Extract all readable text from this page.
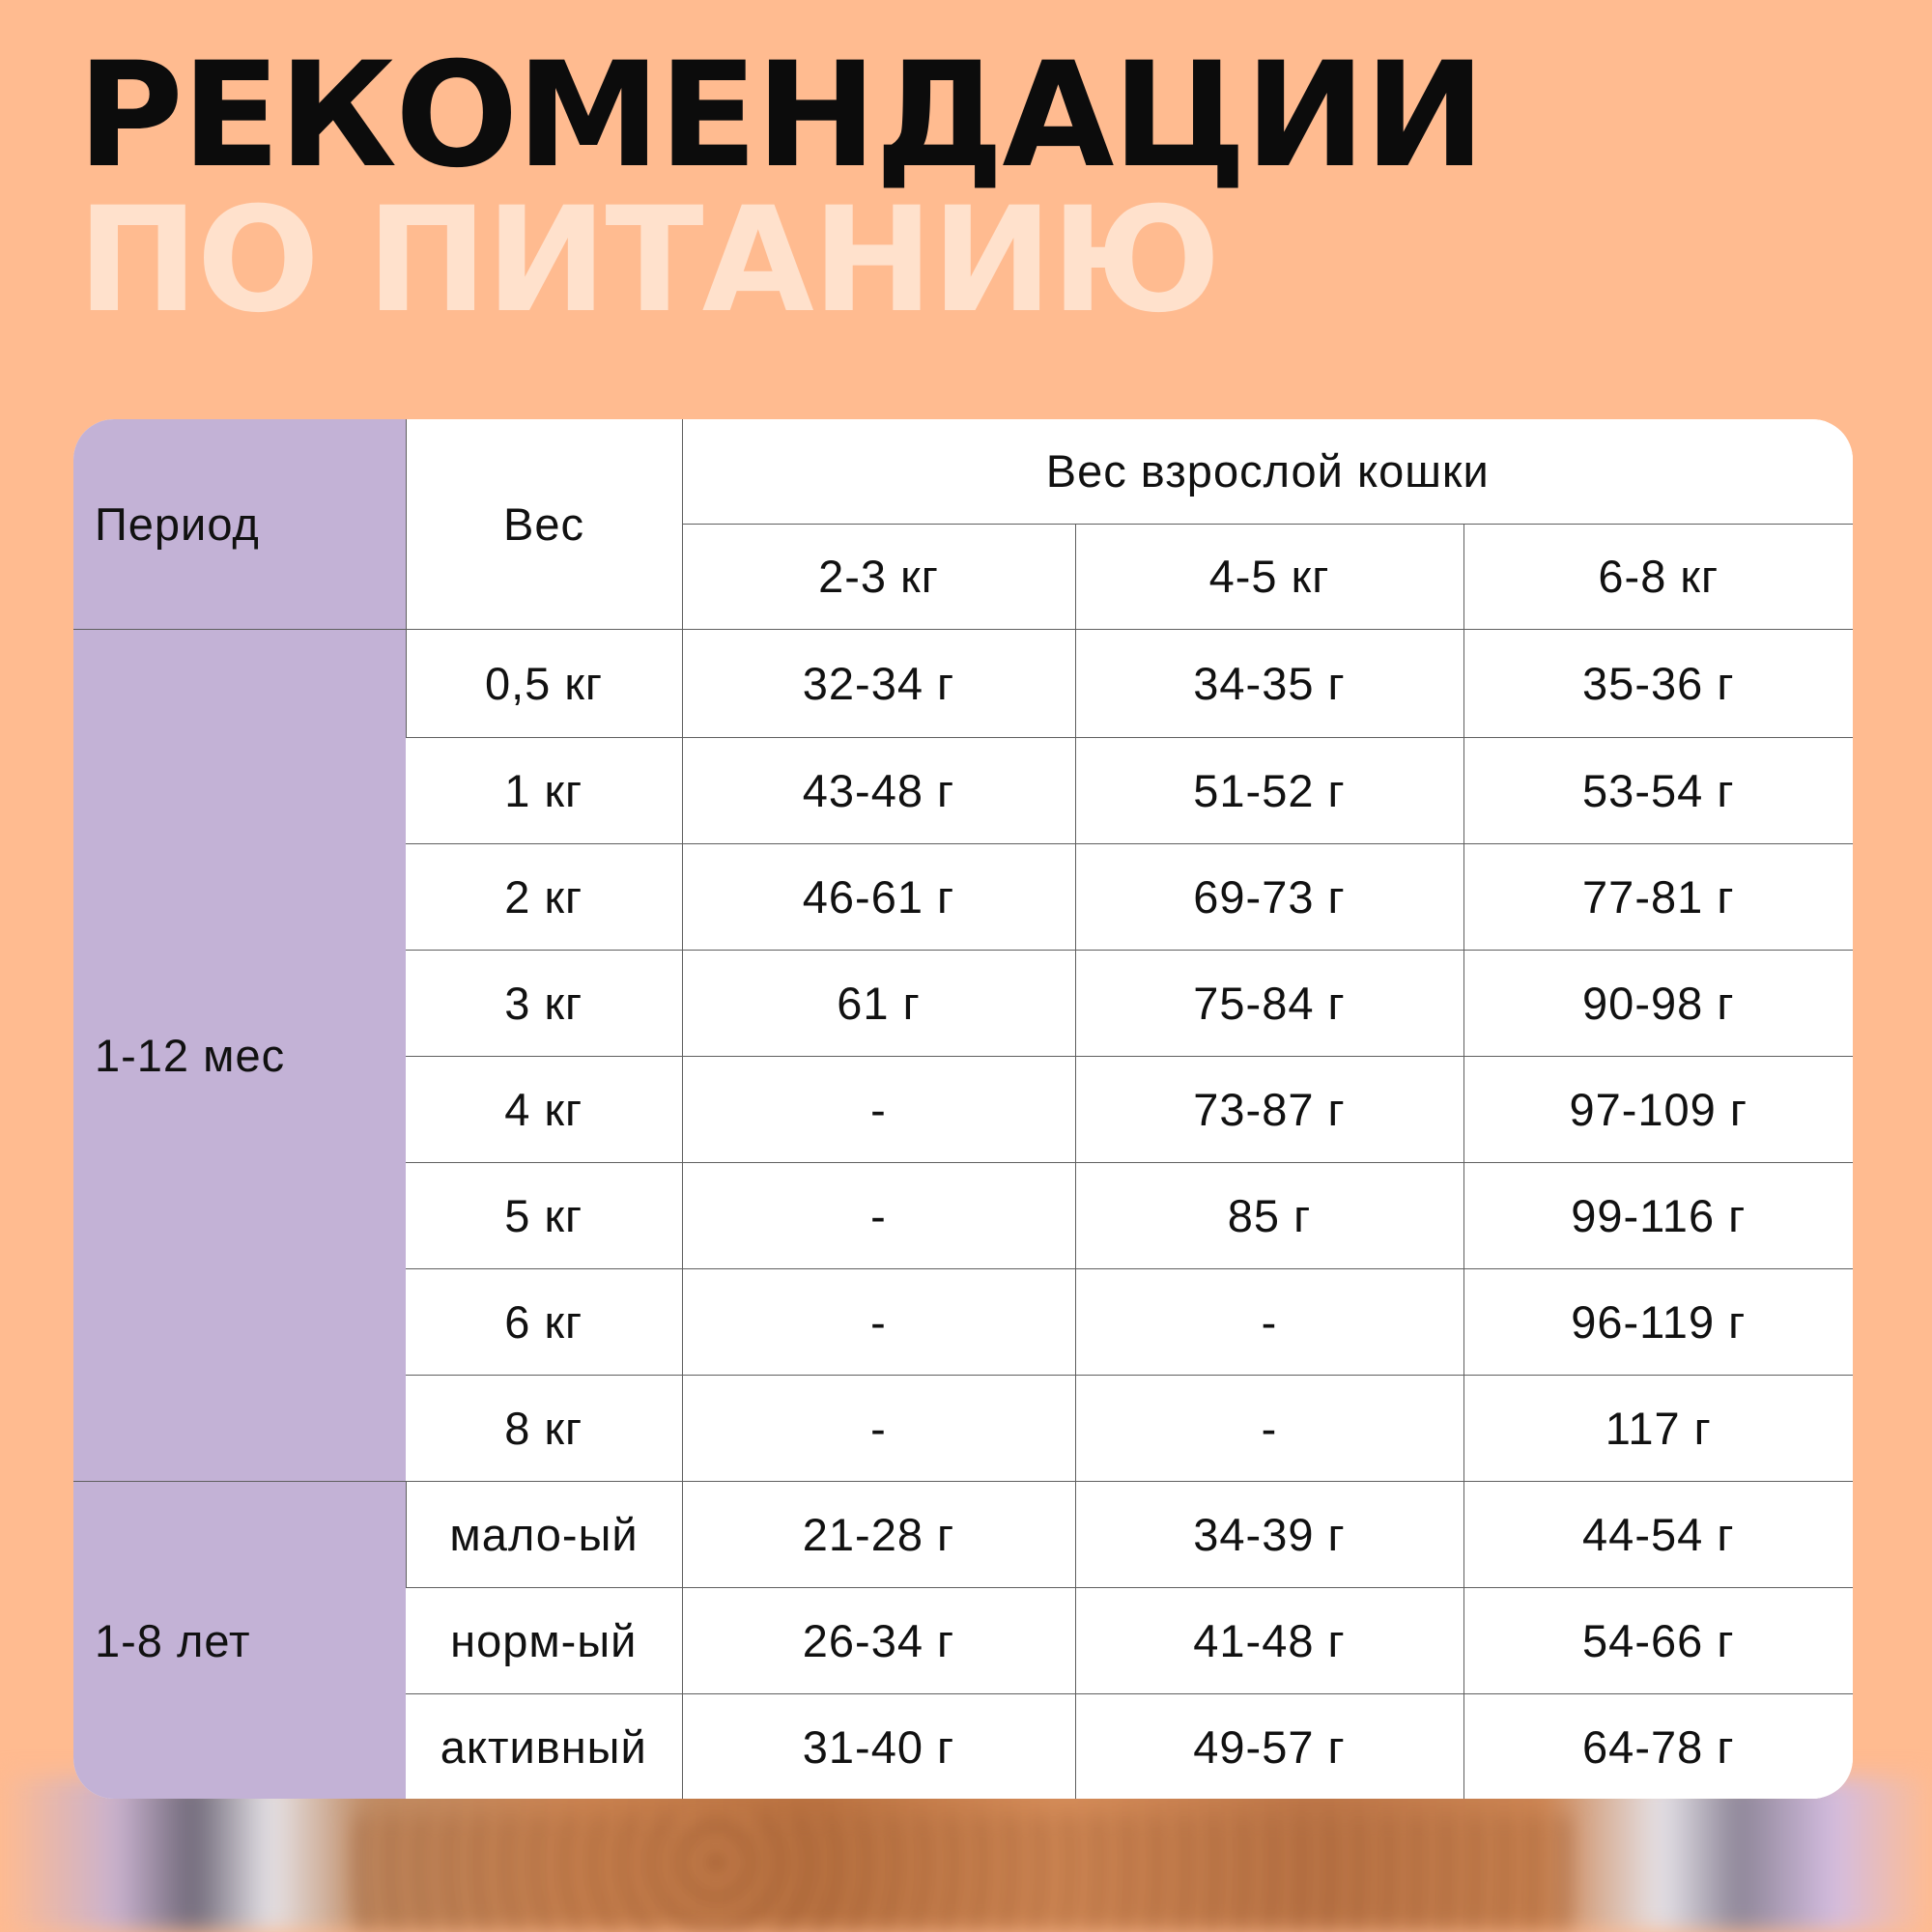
РЕКОМЕНДАЦИИ
ПО ПИТАНИЮ
Период	Вес	Вес взрослой кошки		
		2-3 кг	4-5 кг	6-8 кг
1-12 мес	0,5 кг	32-34 г	34-35 г	35-36 г
	1 кг	43-48 г	51-52 г	53-54 г
	2 кг	46-61 г	69-73 г	77-81 г
	3 кг	61 г	75-84 г	90-98 г
	4 кг	-	73-87 г	97-109 г
	5 кг	-	85 г	99-116 г
	6 кг	-	-	96-119 г
	8 кг	-	-	117 г
1-8 лет	мало-ый	21-28 г	34-39 г	44-54 г
	норм-ый	26-34 г	41-48 г	54-66 г
	активный	31-40 г	49-57 г	64-78 г
